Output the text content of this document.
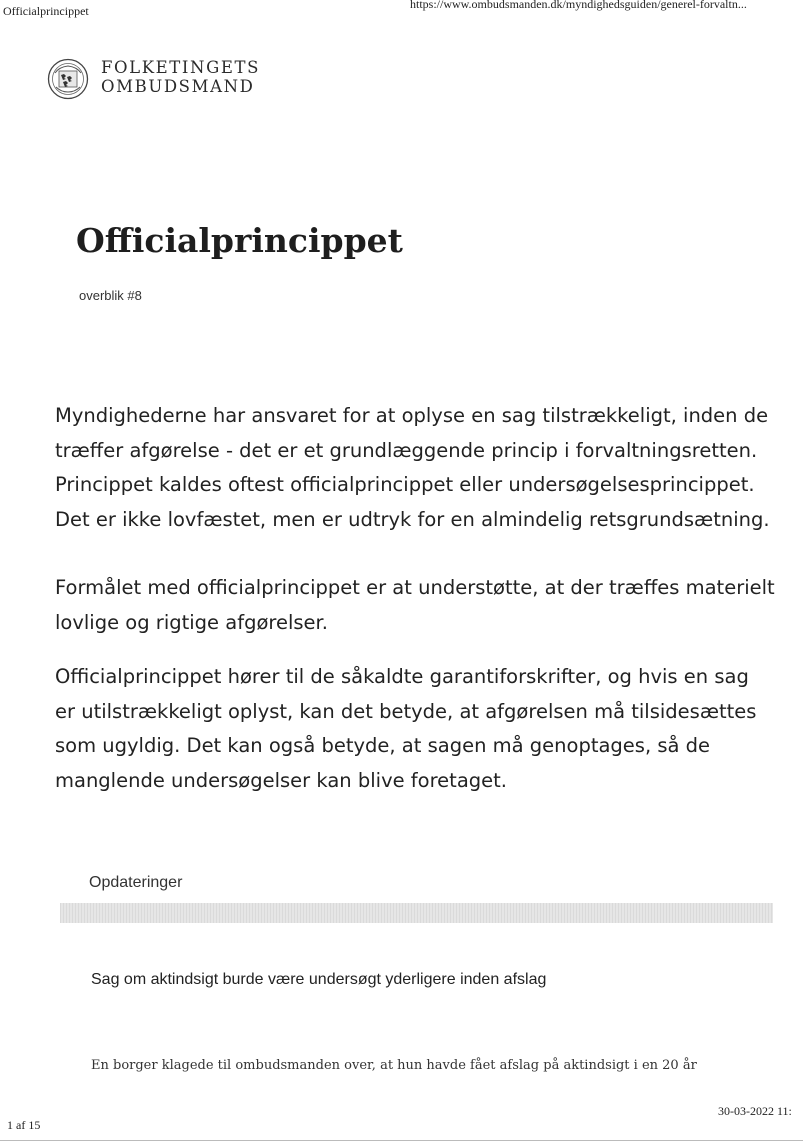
Officialprincippet	https://www.ombudsmanden.dk/myndighedsguiden/generel-forvaltn...
FOLKETINGETS
OMBUDSMAND
Officialprincippet
overblik #8

Myndighederne har ansvaret for at oplyse en sag tilstrækkeligt, inden de træffer afgørelse - det er et grundlæggende princip i forvaltningsretten. Princippet kaldes oftest officialprincippet eller undersøgelsesprincippet. Det er ikke lovfæstet, men er udtryk for en almindelig retsgrundsætning.

Formålet med officialprincippet er at understøtte, at der træffes materielt lovlige og rigtige afgørelser.

Officialprincippet hører til de såkaldte garantiforskrifter, og hvis en sag er utilstrækkeligt oplyst, kan det betyde, at afgørelsen må tilsidesættes som ugyldig. Det kan også betyde, at sagen må genoptages, så de manglende undersøgelser kan blive foretaget.

Opdateringer
Sag om aktindsigt burde være undersøgt yderligere inden afslag
En borger klagede til ombudsmanden over, at hun havde fået afslag på aktindsigt i en 20 år
30-03-2022 11:
1 af 15
